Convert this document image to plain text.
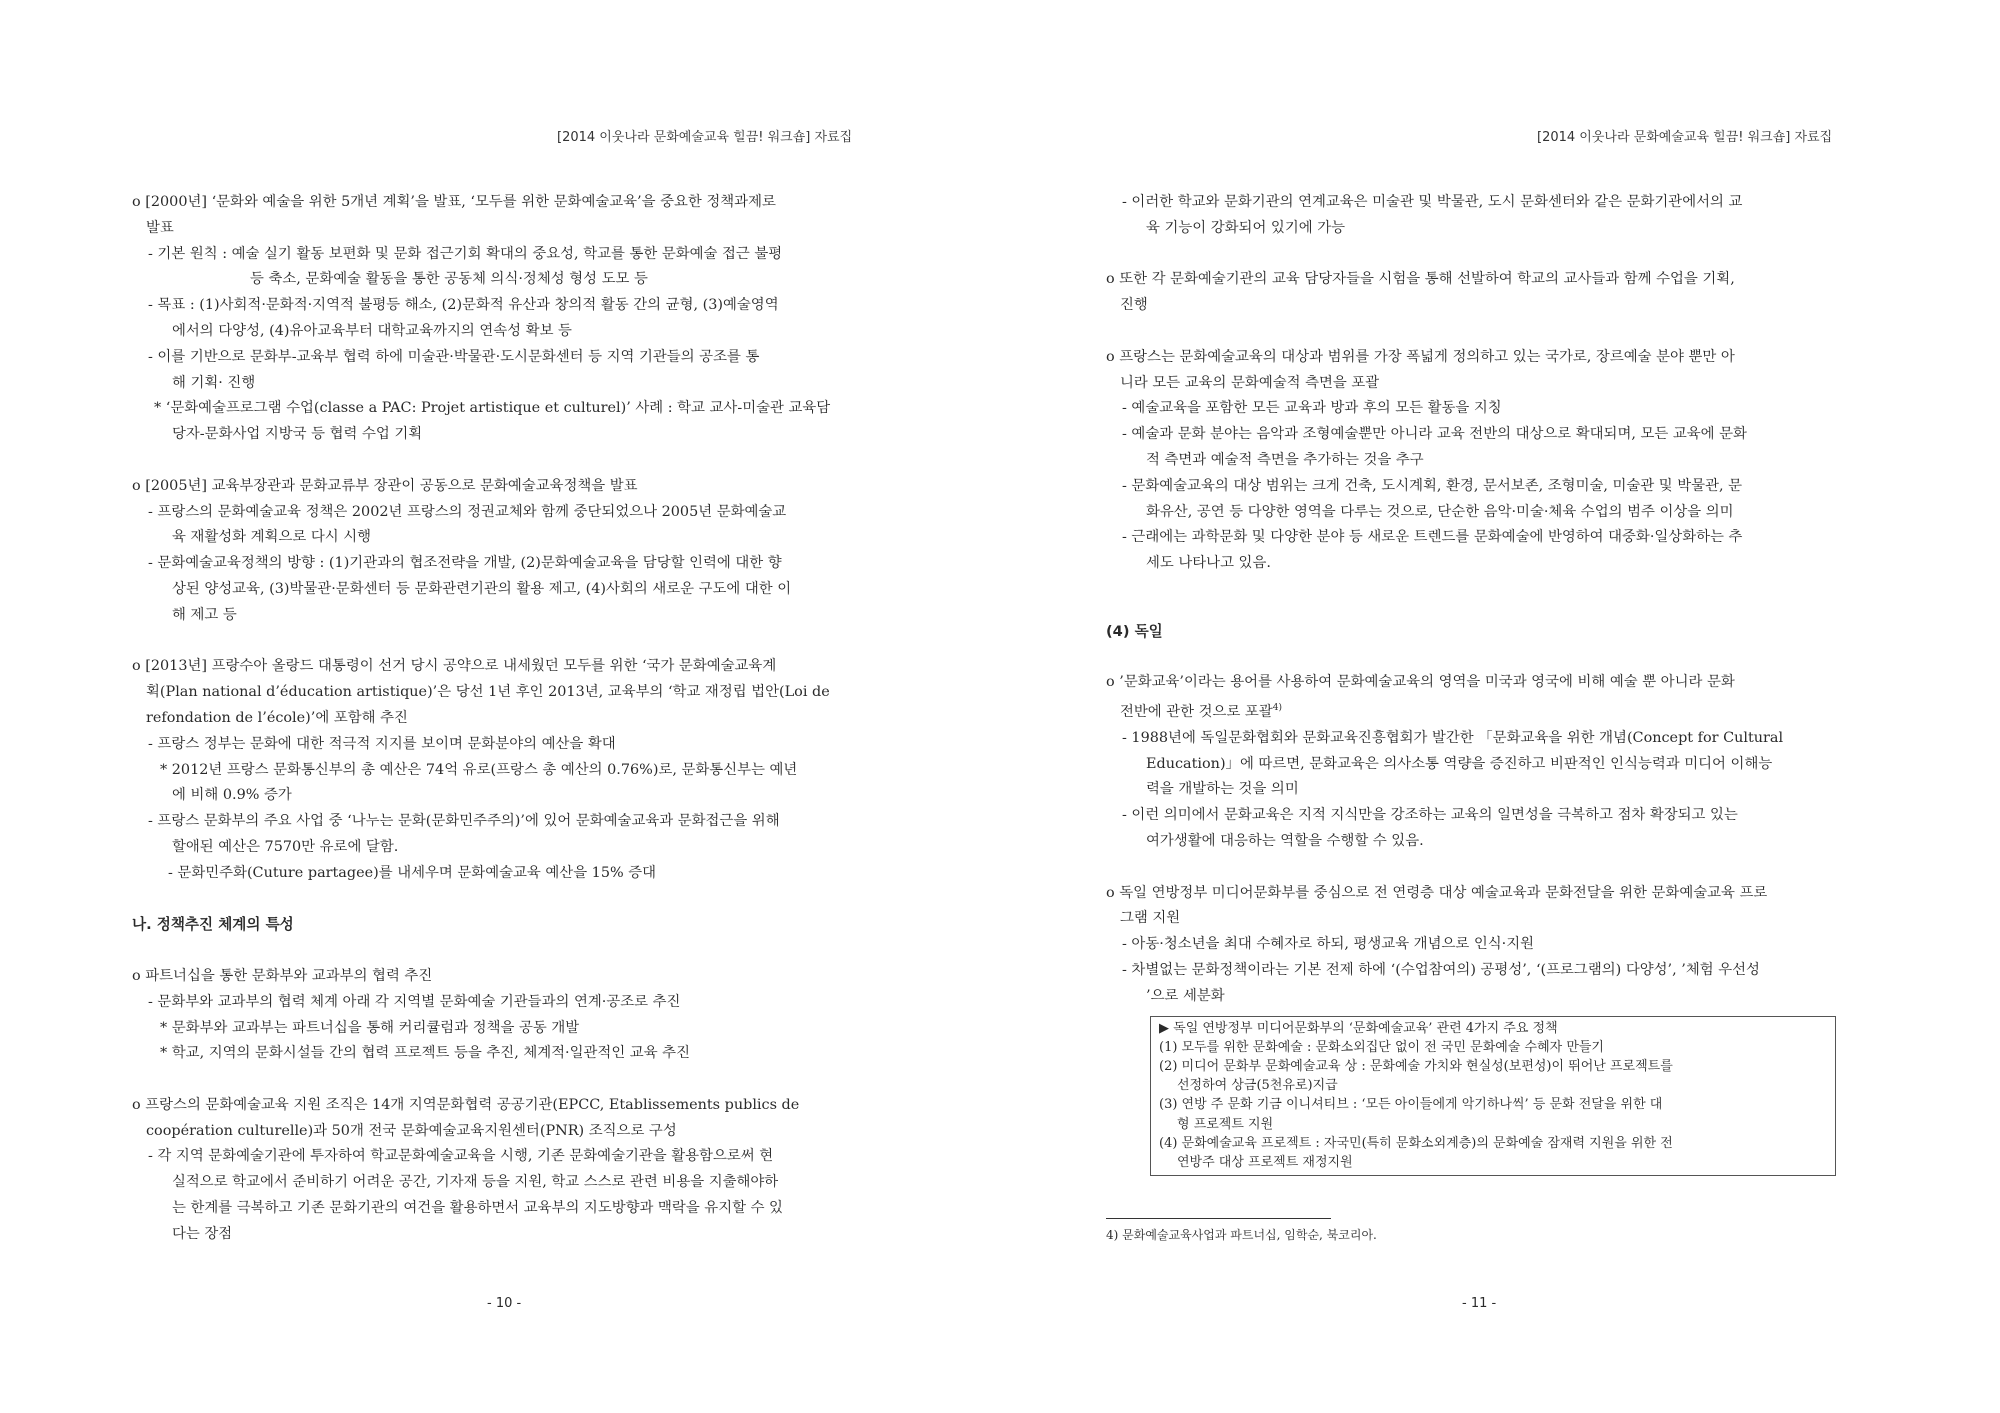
[2014 이웃나라 문화예술교육 힐끔! 워크숍] 자료집

o [2000년] ‘문화와 예술을 위한 5개년 계획’을 발표, ‘모두를 위한 문화예술교육’을 중요한 정책과제로

발표

- 기본 원칙 : 예술 실기 활동 보편화 및 문화 접근기회 확대의 중요성, 학교를 통한 문화예술 접근 불평

등 축소, 문화예술 활동을 통한 공동체 의식·정체성 형성 도모 등

- 목표 : (1)사회적·문화적·지역적 불평등 해소, (2)문화적 유산과 창의적 활동 간의 균형, (3)예술영역

에서의 다양성, (4)유아교육부터 대학교육까지의 연속성 확보 등

- 이를 기반으로 문화부-교육부 협력 하에 미술관·박물관·도시문화센터 등 지역 기관들의 공조를 통

해 기획· 진행

* ‘문화예술프로그램 수업(classe a PAC: Projet artistique et culturel)’ 사례 : 학교 교사-미술관 교육담

당자-문화사업 지방국 등 협력 수업 기획

o [2005년] 교육부장관과 문화교류부 장관이 공동으로 문화예술교육정책을 발표

- 프랑스의 문화예술교육 정책은 2002년 프랑스의 정권교체와 함께 중단되었으나 2005년 문화예술교

육 재활성화 계획으로 다시 시행

- 문화예술교육정책의 방향 : (1)기관과의 협조전략을 개발, (2)문화예술교육을 담당할 인력에 대한 향

상된 양성교육, (3)박물관·문화센터 등 문화관련기관의 활용 제고, (4)사회의 새로운 구도에 대한 이

해 제고 등

o [2013년] 프랑수아 올랑드 대통령이 선거 당시 공약으로 내세웠던 모두를 위한 ‘국가 문화예술교육계

획(Plan national d’éducation artistique)’은 당선 1년 후인 2013년, 교육부의 ‘학교 재정립 법안(Loi de

refondation de l’école)’에 포함해 추진

- 프랑스 정부는 문화에 대한 적극적 지지를 보이며 문화분야의 예산을 확대

* 2012년 프랑스 문화통신부의 총 예산은 74억 유로(프랑스 총 예산의 0.76%)로, 문화통신부는 예년

에 비해 0.9% 증가

- 프랑스 문화부의 주요 사업 중 ‘나누는 문화(문화민주주의)’에 있어 문화예술교육과 문화접근을 위해

할애된 예산은 7570만 유로에 달함.

- 문화민주화(Cuture partagee)를 내세우며 문화예술교육 예산을 15% 증대

나. 정책추진 체계의 특성

o 파트너십을 통한 문화부와 교과부의 협력 추진

- 문화부와 교과부의 협력 체계 아래 각 지역별 문화예술 기관들과의 연계·공조로 추진

* 문화부와 교과부는 파트너십을 통해 커리큘럼과 정책을 공동 개발

* 학교, 지역의 문화시설들 간의 협력 프로젝트 등을 추진, 체계적·일관적인 교육 추진

o 프랑스의 문화예술교육 지원 조직은 14개 지역문화협력 공공기관(EPCC, Etablissements publics de

coopération culturelle)과 50개 전국 문화예술교육지원센터(PNR) 조직으로 구성

- 각 지역 문화예술기관에 투자하여 학교문화예술교육을 시행, 기존 문화예술기관을 활용함으로써 현

실적으로 학교에서 준비하기 어려운 공간, 기자재 등을 지원, 학교 스스로 관련 비용을 지출해야하

는 한계를 극복하고 기존 문화기관의 여건을 활용하면서 교육부의 지도방향과 맥락을 유지할 수 있

다는 장점

- 10 -
[2014 이웃나라 문화예술교육 힐끔! 워크숍] 자료집

- 이러한 학교와 문화기관의 연계교육은 미술관 및 박물관, 도시 문화센터와 같은 문화기관에서의 교

육 기능이 강화되어 있기에 가능

o 또한 각 문화예술기관의 교육 담당자들을 시험을 통해 선발하여 학교의 교사들과 함께 수업을 기획,

진행

o 프랑스는 문화예술교육의 대상과 범위를 가장 폭넓게 정의하고 있는 국가로, 장르예술 분야 뿐만 아

니라 모든 교육의 문화예술적 측면을 포괄

- 예술교육을 포함한 모든 교육과 방과 후의 모든 활동을 지칭

- 예술과 문화 분야는 음악과 조형예술뿐만 아니라 교육 전반의 대상으로 확대되며, 모든 교육에 문화

적 측면과 예술적 측면을 추가하는 것을 추구

- 문화예술교육의 대상 범위는 크게 건축, 도시계획, 환경, 문서보존, 조형미술, 미술관 및 박물관, 문

화유산, 공연 등 다양한 영역을 다루는 것으로, 단순한 음악·미술·체육 수업의 범주 이상을 의미

- 근래에는 과학문화 및 다양한 분야 등 새로운 트렌드를 문화예술에 반영하여 대중화·일상화하는 추

세도 나타나고 있음.

(4) 독일

o ’문화교육’이라는 용어를 사용하여 문화예술교육의 영역을 미국과 영국에 비해 예술 뿐 아니라 문화

전반에 관한 것으로 포괄$^{4)}$

- 1988년에 독일문화협회와 문화교육진흥협회가 발간한 「문화교육을 위한 개념(Concept for Cultural

Education)」에 따르면, 문화교육은 의사소통 역량을 증진하고 비판적인 인식능력과 미디어 이해능

력을 개발하는 것을 의미

- 이런 의미에서 문화교육은 지적 지식만을 강조하는 교육의 일면성을 극복하고 점차 확장되고 있는

여가생활에 대응하는 역할을 수행할 수 있음.

o 독일 연방정부 미디어문화부를 중심으로 전 연령층 대상 예술교육과 문화전달을 위한 문화예술교육 프로

그램 지원

- 아동·청소년을 최대 수혜자로 하되, 평생교육 개념으로 인식·지원

- 차별없는 문화정책이라는 기본 전제 하에 ‘(수업참여의) 공평성’, ‘(프로그램의) 다양성’, ’체험 우선성

’으로 세분화

▶ 독일 연방정부 미디어문화부의 ‘문화예술교육’ 관련 4가지 주요 정책
(1) 모두를 위한 문화예술 : 문화소외집단 없이 전 국민 문화예술 수혜자 만들기
(2) 미디어 문화부 문화예술교육 상 : 문화예술 가치와 현실성(보편성)이 뛰어난 프로젝트를
선정하여 상금(5천유로)지급
(3) 연방 주 문화 기금 이니셔티브 : ‘모든 아이들에게 악기하나씩’ 등 문화 전달을 위한 대
형 프로젝트 지원
(4) 문화예술교육 프로젝트 : 자국민(특히 문화소외계층)의 문화예술 잠재력 지원을 위한 전
연방주 대상 프로젝트 재정지원
4) 문화예술교육사업과 파트너십, 임학순, 북코리아.
- 11 -
